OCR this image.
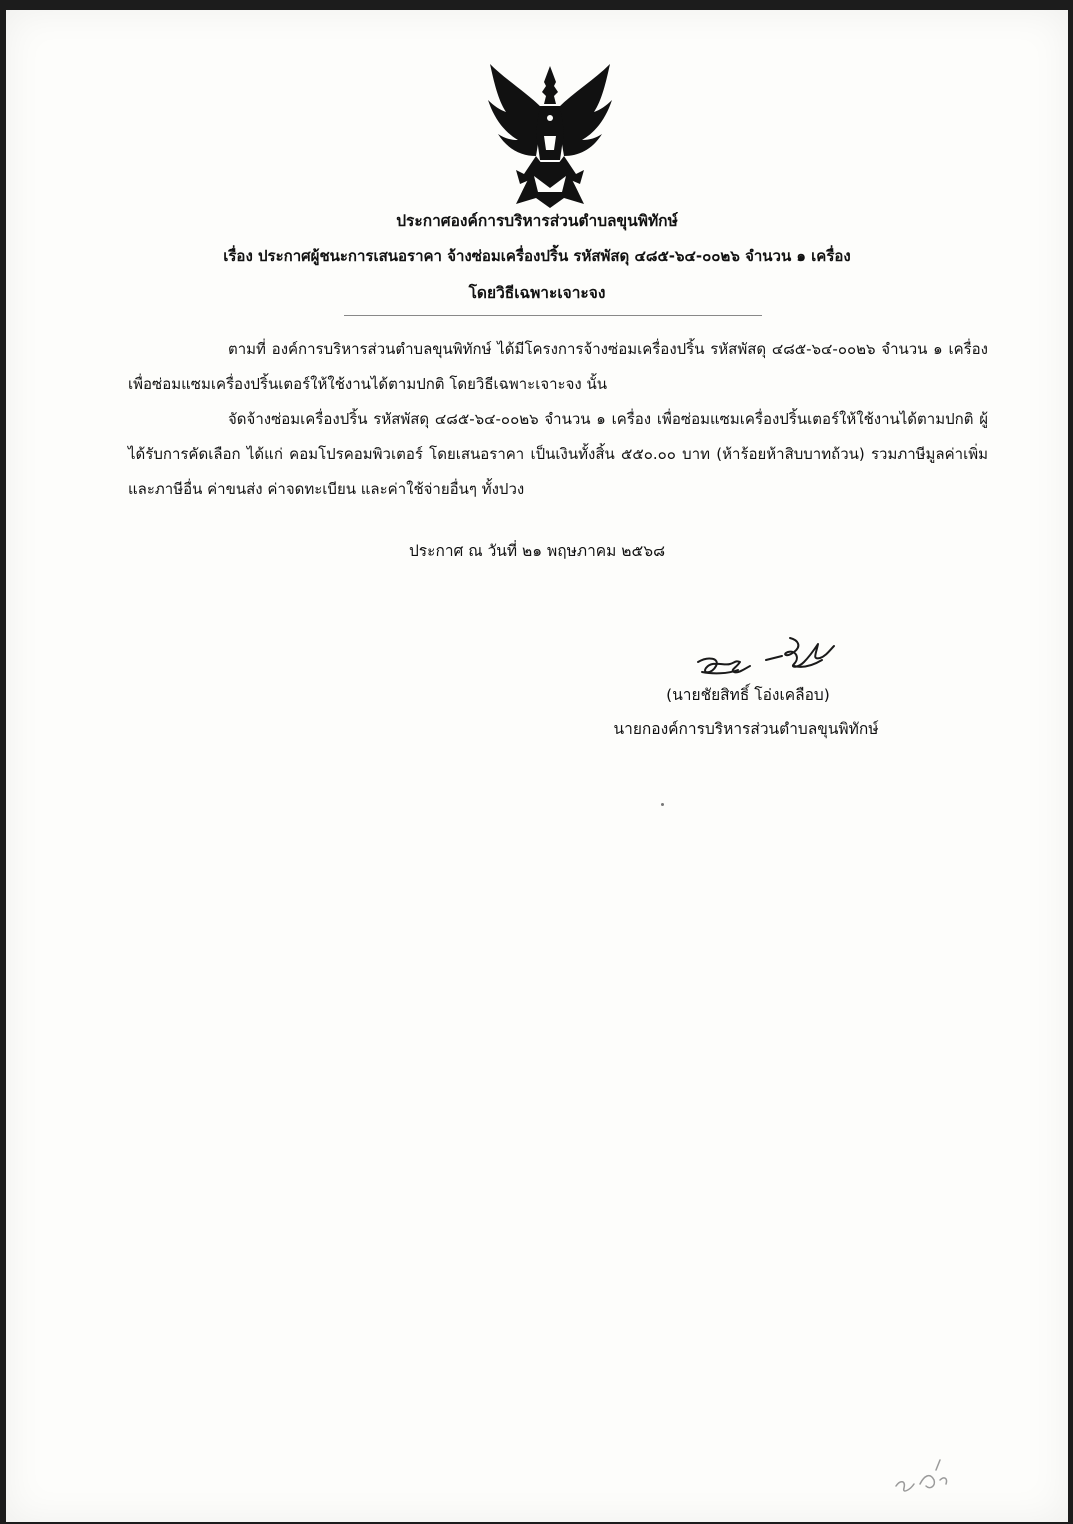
ประกาศองค์การบริหารส่วนตำบลขุนพิทักษ์
เรื่อง ประกาศผู้ชนะการเสนอราคา จ้างซ่อมเครื่องปริ้น รหัสพัสดุ ๔๘๕-๖๔-๐๐๒๖ จำนวน ๑ เครื่อง
โดยวิธีเฉพาะเจาะจง
ตามที่ องค์การบริหารส่วนตำบลขุนพิทักษ์ ได้มีโครงการจ้างซ่อมเครื่องปริ้น รหัสพัสดุ ๔๘๕-๖๔-๐๐๒๖ จำนวน ๑ เครื่อง เพื่อซ่อมแซมเครื่องปริ้นเตอร์ให้ใช้งานได้ตามปกติ โดยวิธีเฉพาะเจาะจง นั้น
จัดจ้างซ่อมเครื่องปริ้น รหัสพัสดุ ๔๘๕-๖๔-๐๐๒๖ จำนวน ๑ เครื่อง เพื่อซ่อมแซมเครื่องปริ้นเตอร์ให้ใช้งานได้ตามปกติ ผู้ได้รับการคัดเลือก ได้แก่ คอมโปรคอมพิวเตอร์ โดยเสนอราคา เป็นเงินทั้งสิ้น ๕๕๐.๐๐ บาท (ห้าร้อยห้าสิบบาทถ้วน) รวมภาษีมูลค่าเพิ่ม และภาษีอื่น ค่าขนส่ง ค่าจดทะเบียน และค่าใช้จ่ายอื่นๆ ทั้งปวง
ประกาศ ณ วันที่ ๒๑ พฤษภาคม ๒๕๖๘
(นายชัยสิทธิ์ โอ่งเคลือบ)
นายกองค์การบริหารส่วนตำบลขุนพิทักษ์
